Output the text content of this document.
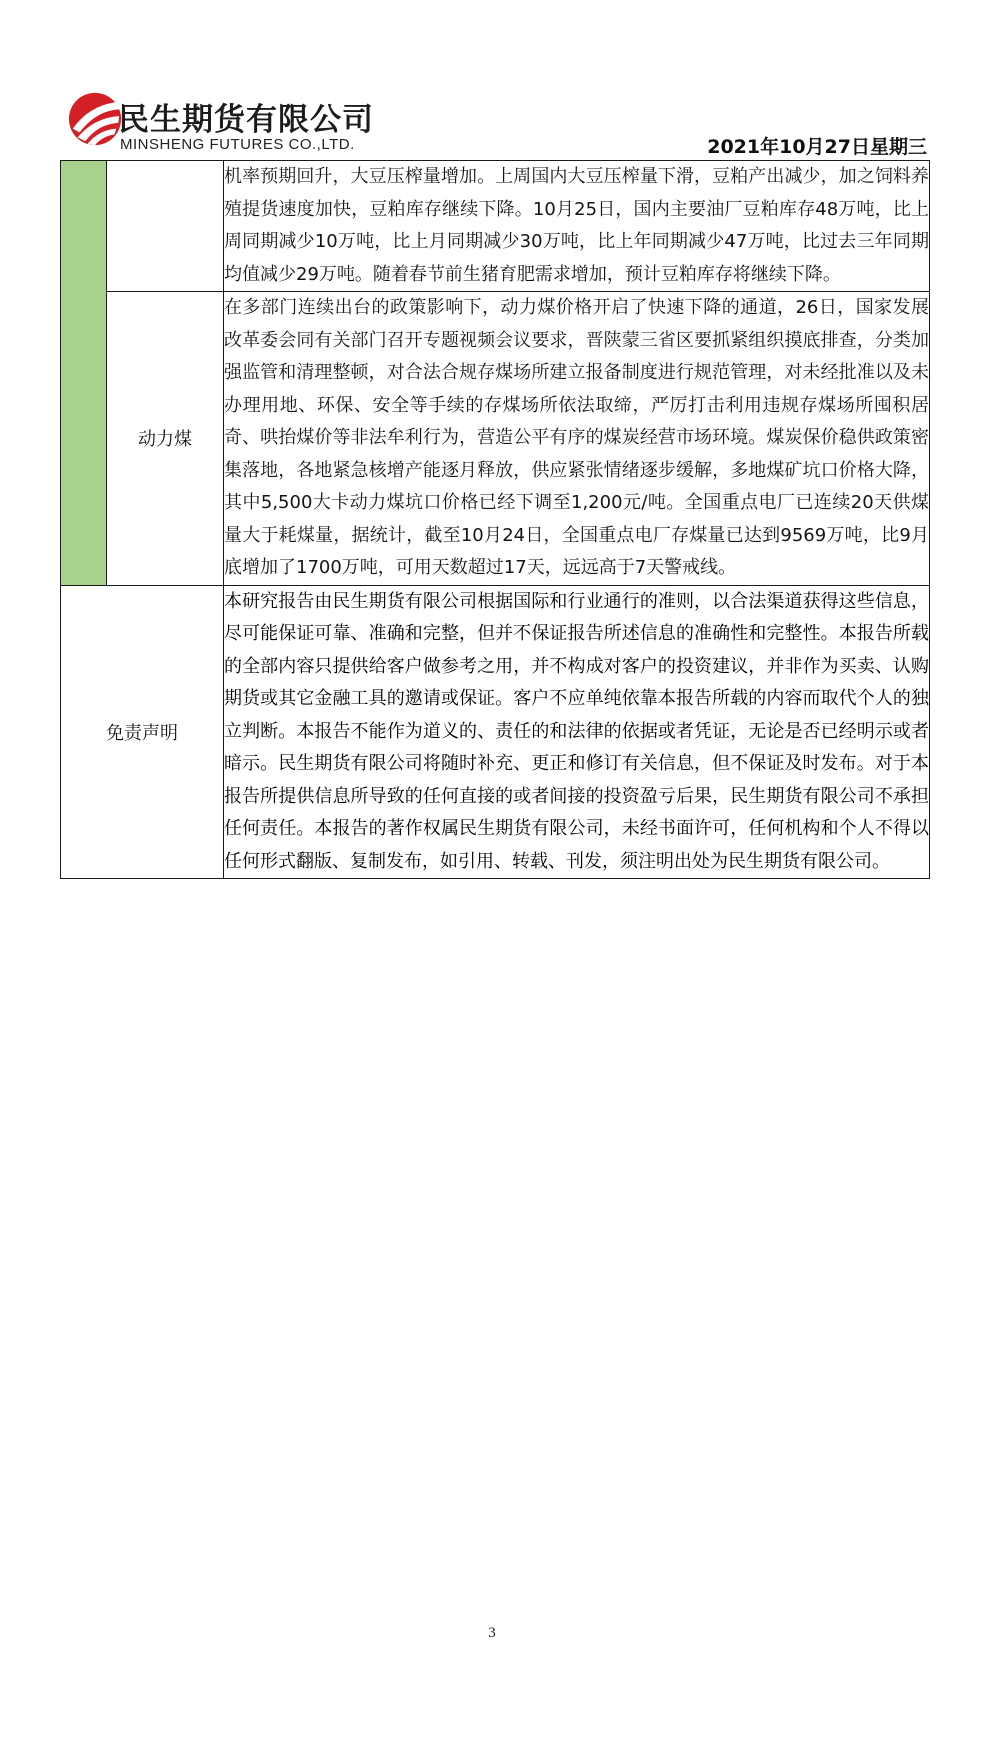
民生期货有限公司
MINSHENG FUTURES CO.,LTD.	2021年10月27日星期三
		机率预期回升，大豆压榨量增加。上周国内大豆压榨量下滑，豆粕产出减少，加之饲料养殖提货速度加快，豆粕库存继续下降。10月25日，国内主要油厂豆粕库存48万吨，比上周同期减少10万吨，比上月同期减少30万吨，比上年同期减少47万吨，比过去三年同期均值减少29万吨。随着春节前生猪育肥需求增加，预计豆粕库存将继续下降。
	动力煤	在多部门连续出台的政策影响下，动力煤价格开启了快速下降的通道，26日，国家发展改革委会同有关部门召开专题视频会议要求，晋陕蒙三省区要抓紧组织摸底排查，分类加强监管和清理整顿，对合法合规存煤场所建立报备制度进行规范管理，对未经批准以及未办理用地、环保、安全等手续的存煤场所依法取缔，严厉打击利用违规存煤场所囤积居奇、哄抬煤价等非法牟利行为，营造公平有序的煤炭经营市场环境。煤炭保价稳供政策密集落地，各地紧急核增产能逐月释放，供应紧张情绪逐步缓解，多地煤矿坑口价格大降，其中5,500大卡动力煤坑口价格已经下调至1,200元/吨。全国重点电厂已连续20天供煤量大于耗煤量，据统计，截至10月24日，全国重点电厂存煤量已达到9569万吨，比9月底增加了1700万吨，可用天数超过17天，远远高于7天警戒线。
免责声明		本研究报告由民生期货有限公司根据国际和行业通行的准则，以合法渠道获得这些信息，尽可能保证可靠、准确和完整，但并不保证报告所述信息的准确性和完整性。本报告所载的全部内容只提供给客户做参考之用，并不构成对客户的投资建议，并非作为买卖、认购期货或其它金融工具的邀请或保证。客户不应单纯依靠本报告所载的内容而取代个人的独立判断。本报告不能作为道义的、责任的和法律的依据或者凭证，无论是否已经明示或者暗示。民生期货有限公司将随时补充、更正和修订有关信息，但不保证及时发布。对于本报告所提供信息所导致的任何直接的或者间接的投资盈亏后果，民生期货有限公司不承担任何责任。本报告的著作权属民生期货有限公司，未经书面许可，任何机构和个人不得以任何形式翻版、复制发布，如引用、转载、刊发，须注明出处为民生期货有限公司。
3
